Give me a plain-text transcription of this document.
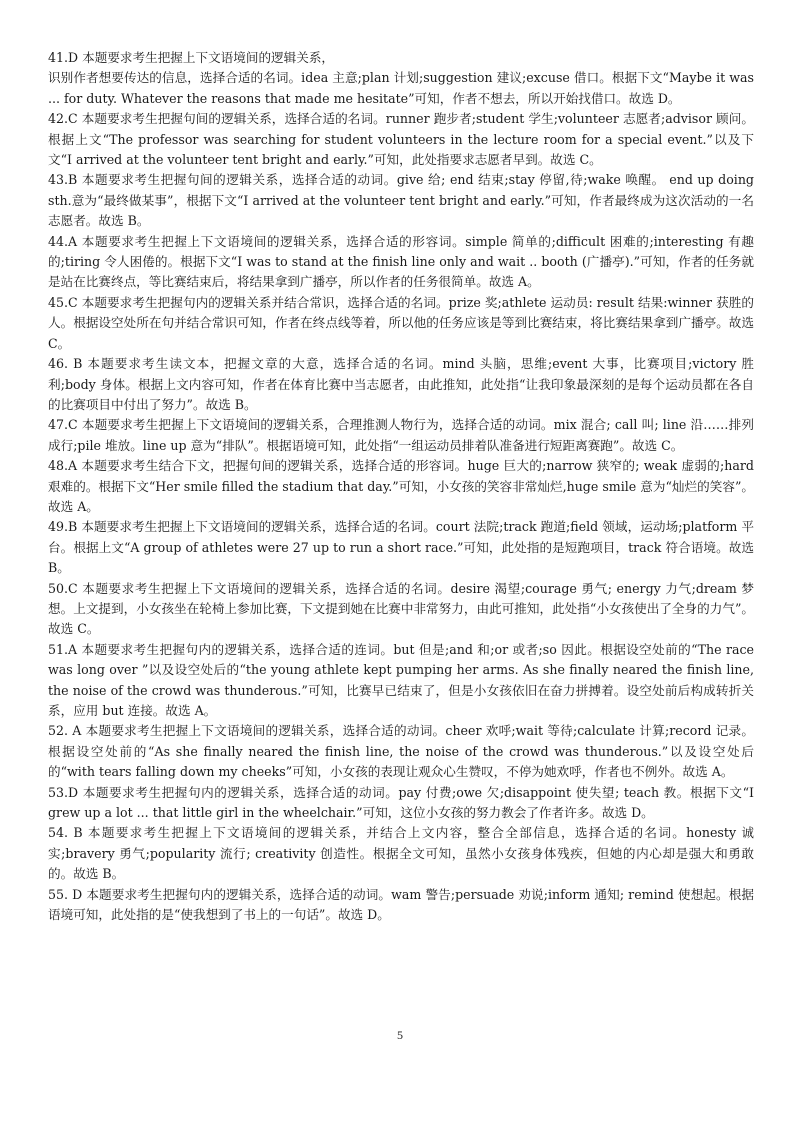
41.D 本题要求考生把握上下文语境间的逻辑关系，
识别作者想要传达的信息，选择合适的名词。idea 主意;plan 计划;suggestion 建议;excuse 借口。根据下文“Maybe it was ... for duty. Whatever the reasons that made me hesitate”可知，作者不想去，所以开始找借口。故选 D。

42.C 本题要求考生把握句间的逻辑关系，选择合适的名词。runner 跑步者;student 学生;volunteer 志愿者;advisor 顾问。根据上文“The professor was searching for student volunteers in the lecture room for a special event.”以及下文“I arrived at the volunteer tent bright and early.”可知，此处指要求志愿者早到。故选 C。

43.B 本题要求考生把握句间的逻辑关系，选择合适的动词。give 给; end 结束;stay 停留,待;wake 唤醒。 end up doing sth.意为“最终做某事”，根据下文“I arrived at the volunteer tent bright and early.”可知，作者最终成为这次活动的一名志愿者。故选 B。

44.A 本题要求考生把握上下文语境间的逻辑关系，选择合适的形容词。simple 简单的;difficult 困难的;interesting 有趣的;tiring 令人困倦的。根据下文“I was to stand at the finish line only and wait .. booth (广播亭).”可知，作者的任务就是站在比赛终点，等比赛结束后，将结果拿到广播亭，所以作者的任务很简单。故选 A。

45.C 本题要求考生把握句内的逻辑关系并结合常识，选择合适的名词。prize 奖;athlete 运动员: result 结果:winner 获胜的人。根据设空处所在句并结合常识可知，作者在终点线等着，所以他的任务应该是等到比赛结束，将比赛结果拿到广播亭。故选 C。

46. B 本题要求考生读文本，把握文章的大意，选择合适的名词。mind 头脑，思维;event 大事，比赛项目;victory 胜利;body 身体。根据上文内容可知，作者在体育比赛中当志愿者，由此推知，此处指“让我印象最深刻的是每个运动员都在各自的比赛项目中付出了努力”。故选 B。

47.C 本题要求考生把握上下文语境间的逻辑关系，合理推测人物行为，选择合适的动词。mix 混合; call 叫; line 沿……排列成行;pile 堆放。line up 意为“排队”。根据语境可知，此处指“一组运动员排着队准备进行短距离赛跑”。故选 C。

48.A 本题要求考生结合下文，把握句间的逻辑关系，选择合适的形容词。huge 巨大的;narrow 狭窄的; weak 虚弱的;hard 艰难的。根据下文“Her smile filled the stadium that day.”可知，小女孩的笑容非常灿烂,huge smile 意为“灿烂的笑容”。故选 A。

49.B 本题要求考生把握上下文语境间的逻辑关系，选择合适的名词。court 法院;track 跑道;field 领域，运动场;platform 平台。根据上文“A group of athletes were 27 up to run a short race.”可知，此处指的是短跑项目，track 符合语境。故选 B。

50.C 本题要求考生把握上下文语境间的逻辑关系，选择合适的名词。desire 渴望;courage 勇气; energy 力气;dream 梦想。上文提到，小女孩坐在轮椅上参加比赛，下文提到她在比赛中非常努力，由此可推知，此处指“小女孩使出了全身的力气”。故选 C。

51.A 本题要求考生把握句内的逻辑关系，选择合适的连词。but 但是;and 和;or 或者;so 因此。根据设空处前的“The race was long over ”以及设空处后的“the young athlete kept pumping her arms. As she finally neared the finish line, the noise of the crowd was thunderous.”可知，比赛早已结束了，但是小女孩依旧在奋力拼搏着。设空处前后构成转折关系，应用 but 连接。故选 A。

52. A 本题要求考生把握上下文语境间的逻辑关系，选择合适的动词。cheer 欢呼;wait 等待;calculate 计算;record 记录。根据设空处前的“As she finally neared the finish line, the noise of the crowd was thunderous.”以及设空处后的“with tears falling down my cheeks”可知，小女孩的表现让观众心生赞叹，不停为她欢呼，作者也不例外。故选 A。

53.D 本题要求考生把握句内的逻辑关系，选择合适的动词。pay 付费;owe 欠;disappoint 使失望; teach 教。根据下文“I grew up a lot ... that little girl in the wheelchair.”可知，这位小女孩的努力教会了作者许多。故选 D。

54. B 本题要求考生把握上下文语境间的逻辑关系，并结合上文内容，整合全部信息，选择合适的名词。honesty 诚实;bravery 勇气;popularity 流行; creativity 创造性。根据全文可知，虽然小女孩身体残疾，但她的内心却是强大和勇敢的。故选 B。

55. D 本题要求考生把握句内的逻辑关系，选择合适的动词。wam 警告;persuade 劝说;inform 通知; remind 使想起。根据语境可知，此处指的是“使我想到了书上的一句话”。故选 D。

5
